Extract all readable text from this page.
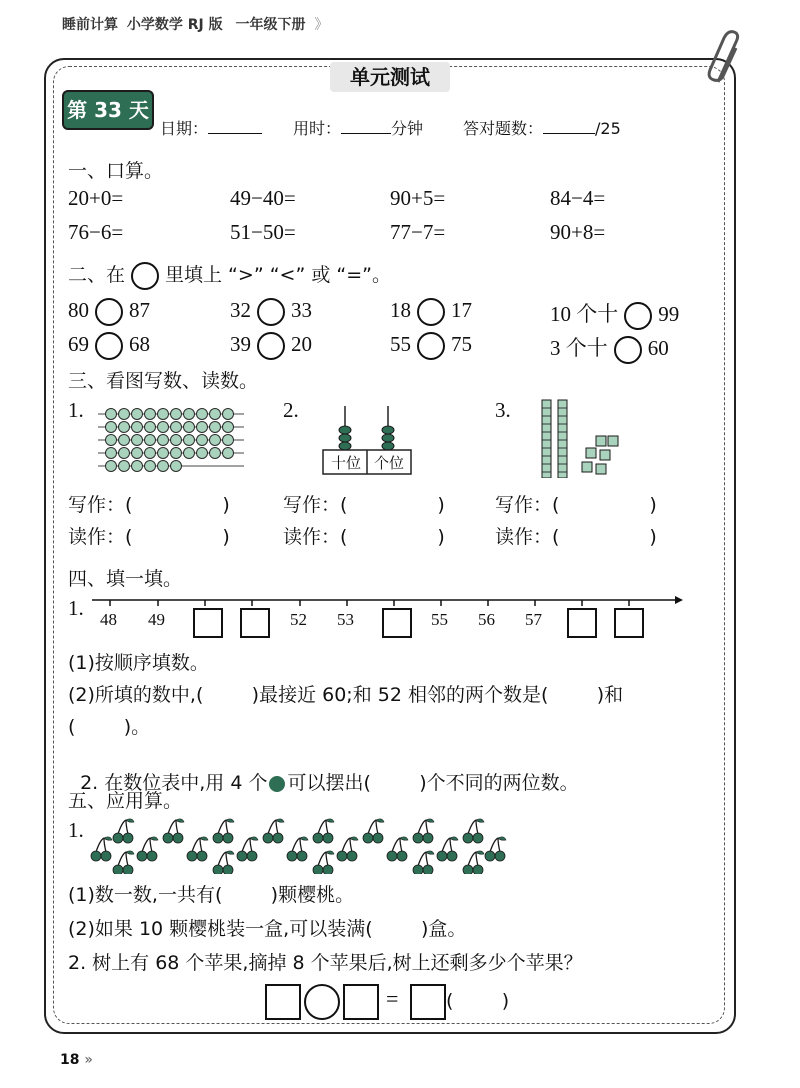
睡前计算 小学数学 RJ 版 一年级下册 》
单元测试
第 33 天
日期：	用时：	分钟 答对题数：	/25
一、口算。
20+0=	49−40=	90+5=	84−4=
76−6=	51−50=	77−7=	90+8=
二、在 里填上 “>” “<” 或 “=”。
80 87	32 33	18 17	10 个十 99
69 68	39 20	55 75	3 个十 60
三、看图写数、读数。
1.	2.	3.
十位 个位
写作：(	)	写作：(	)	写作：(	)
读作：(	)	读作：(	)	读作：(	)
四、填一填。
1. 48 49	52 53	55 56 57
(1)按顺序填数。
(2)所填的数中,(        )最接近 60;和 52 相邻的两个数是(        )和
(        )。

2. 在数位表中,用 4 个 可以摆出(        )个不同的两位数。

五、应用算。
1.
(1)数一数,一共有(        )颗樱桃。
(2)如果 10 颗樱桃装一盒,可以装满(        )盒。
2. 树上有 68 个苹果,摘掉 8 个苹果后,树上还剩多少个苹果？
=	(        )
18 »
